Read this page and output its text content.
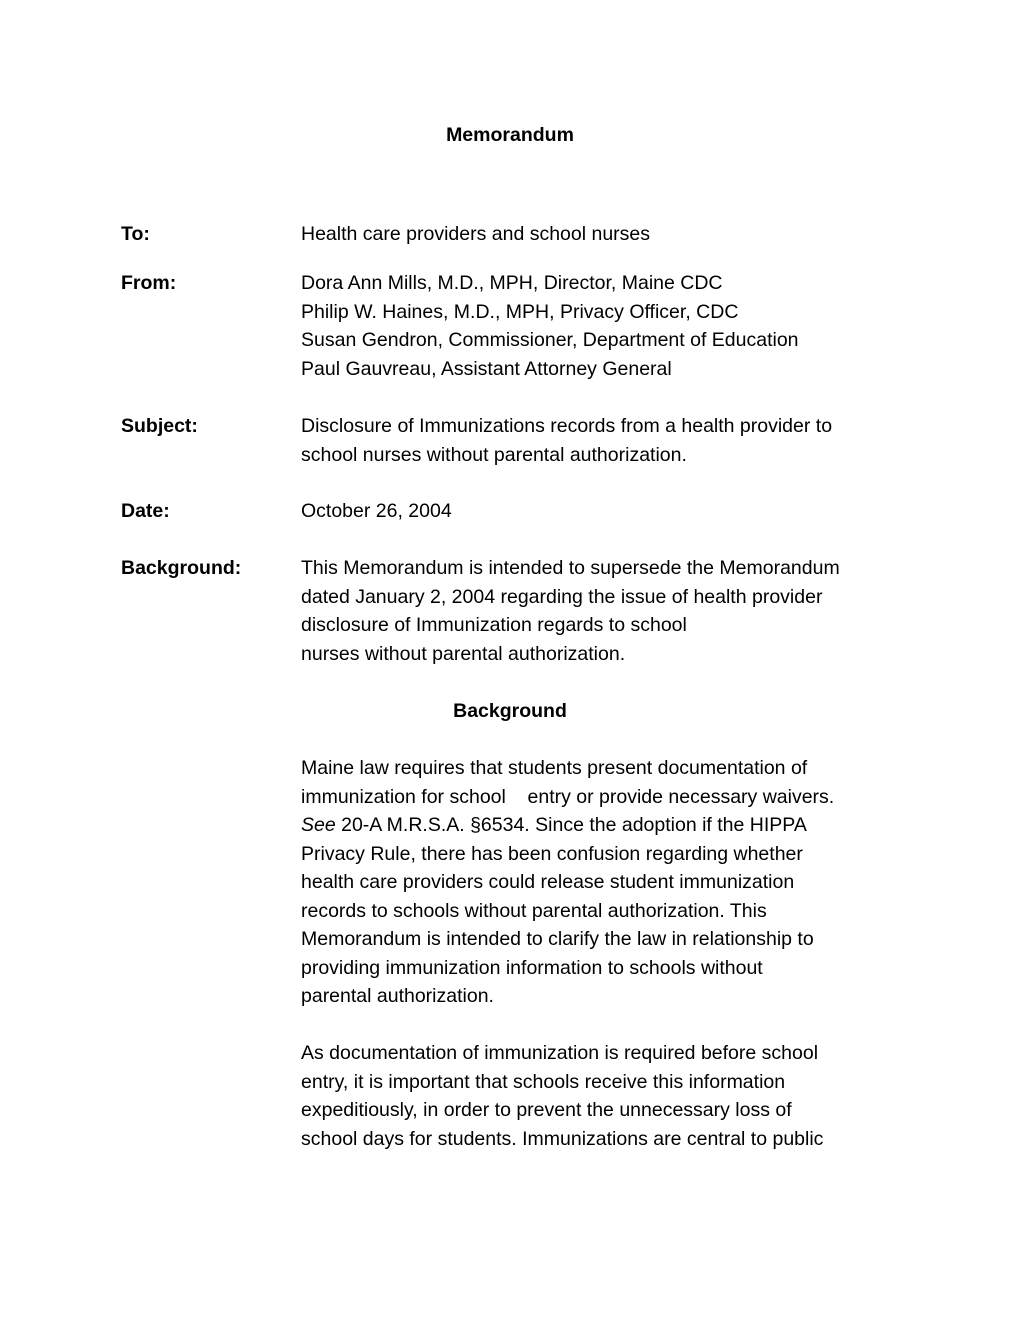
Memorandum
To:	Health care providers and school nurses
From:	Dora Ann Mills, M.D., MPH, Director, Maine CDC
Philip W. Haines, M.D., MPH, Privacy Officer, CDC
Susan Gendron, Commissioner, Department of Education
Paul Gauvreau, Assistant Attorney General
Subject:	Disclosure of Immunizations records from a health provider to
school nurses without parental authorization.
Date:	October 26, 2004
Background:	This Memorandum is intended to supersede the Memorandum
dated January 2, 2004 regarding the issue of health provider
disclosure of Immunization regards to school
nurses without parental authorization.
Background
Maine law requires that students present documentation of
immunization for school    entry or provide necessary waivers.
See 20-A M.R.S.A. §6534. Since the adoption if the HIPPA
Privacy Rule, there has been confusion regarding whether
health care providers could release student immunization
records to schools without parental authorization. This
Memorandum is intended to clarify the law in relationship to
providing immunization information to schools without
parental authorization.
As documentation of immunization is required before school
entry, it is important that schools receive this information
expeditiously, in order to prevent the unnecessary loss of
school days for students. Immunizations are central to public
